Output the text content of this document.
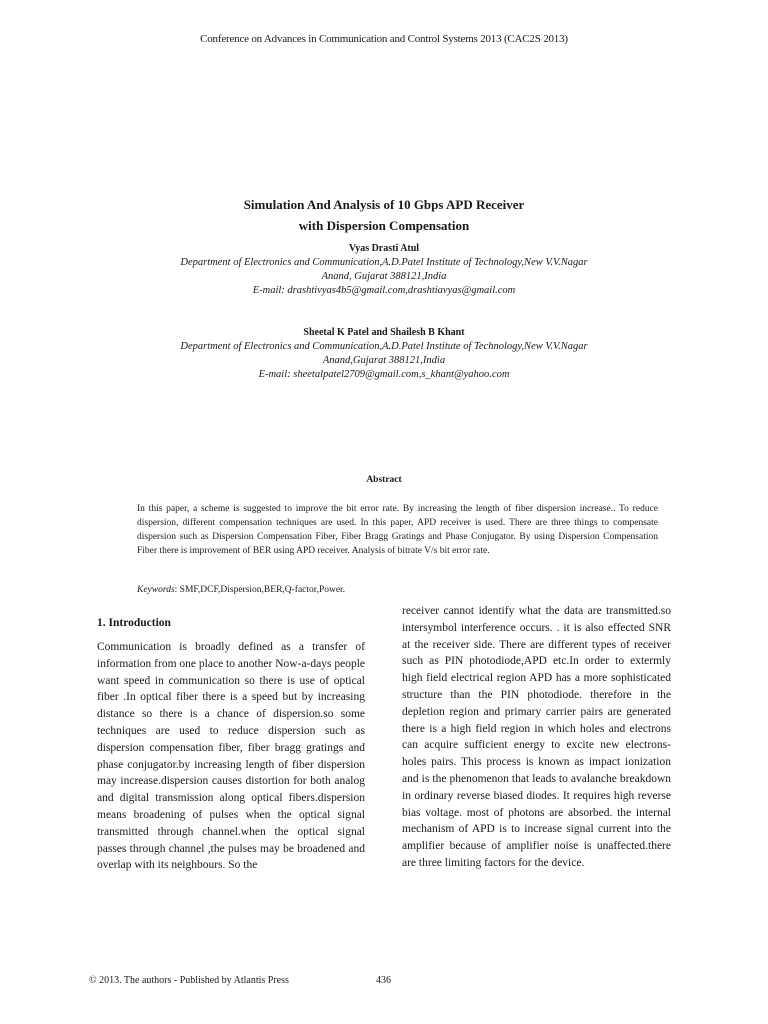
Conference on Advances in Communication and Control Systems 2013 (CAC2S 2013)
Simulation And Analysis of 10 Gbps APD Receiver
with Dispersion Compensation
Vyas Drasti Atul
Department of Electronics and Communication,A.D.Patel Institute of Technology,New V.V.Nagar
Anand, Gujarat 388121,India
E-mail: drashtivyas4b5@gmail.com,drashtiavyas@gmail.com
Sheetal K Patel and Shailesh B Khant
Department of Electronics and Communication,A.D.Patel Institute of Technology,New V.V.Nagar
Anand,Gujarat 388121,India
E-mail: sheetalpatel2709@gmail.com,s_khant@yahoo.com
Abstract
In this paper, a scheme is suggested to improve the bit error rate. By increasing the length of fiber dispersion increase.. To reduce dispersion, different compensation techniques are used. In this paper, APD receiver is used. There are three things to compensate dispersion such as Dispersion Compensation Fiber, Fiber Bragg Gratings and Phase Conjugator. By using Dispersion Compensation Fiber there is improvement of BER using APD receiver. Analysis of bitrate V/s bit error rate.
Keywords: SMF,DCF,Dispersion,BER,Q-factor,Power.
1. Introduction
Communication is broadly defined as a transfer of information from one place to another Now-a-days people want speed in communication so there is use of optical fiber .In optical fiber there is a speed but by increasing distance so there is a chance of dispersion.so some techniques are used to reduce dispersion such as dispersion compensation fiber, fiber bragg gratings and phase conjugator.by increasing length of fiber dispersion may increase.dispersion causes distortion for both analog and digital transmission along optical fibers.dispersion means broadening of pulses when the optical signal transmitted through channel.when the optical signal passes through channel ,the pulses may be broadened and overlap with its neighbours. So the
receiver cannot identify what the data are transmitted.so intersymbol interference occurs. . it is also effected SNR at the receiver side. There are different types of receiver such as PIN photodiode,APD etc.In order to extermly high field electrical region APD has a more sophisticated structure than the PIN photodiode. therefore in the depletion region and primary carrier pairs are generated there is a high field region in which holes and electrons can acquire sufficient energy to excite new electrons-holes pairs. This process is known as impact ionization and is the phenomenon that leads to avalanche breakdown in ordinary reverse biased diodes. It requires high reverse bias voltage. most of photons are absorbed. the internal mechanism of APD is to increase signal current into the amplifier because of amplifier noise is unaffected.there are three limiting factors for the device.
© 2013. The authors - Published by Atlantis Press	436
